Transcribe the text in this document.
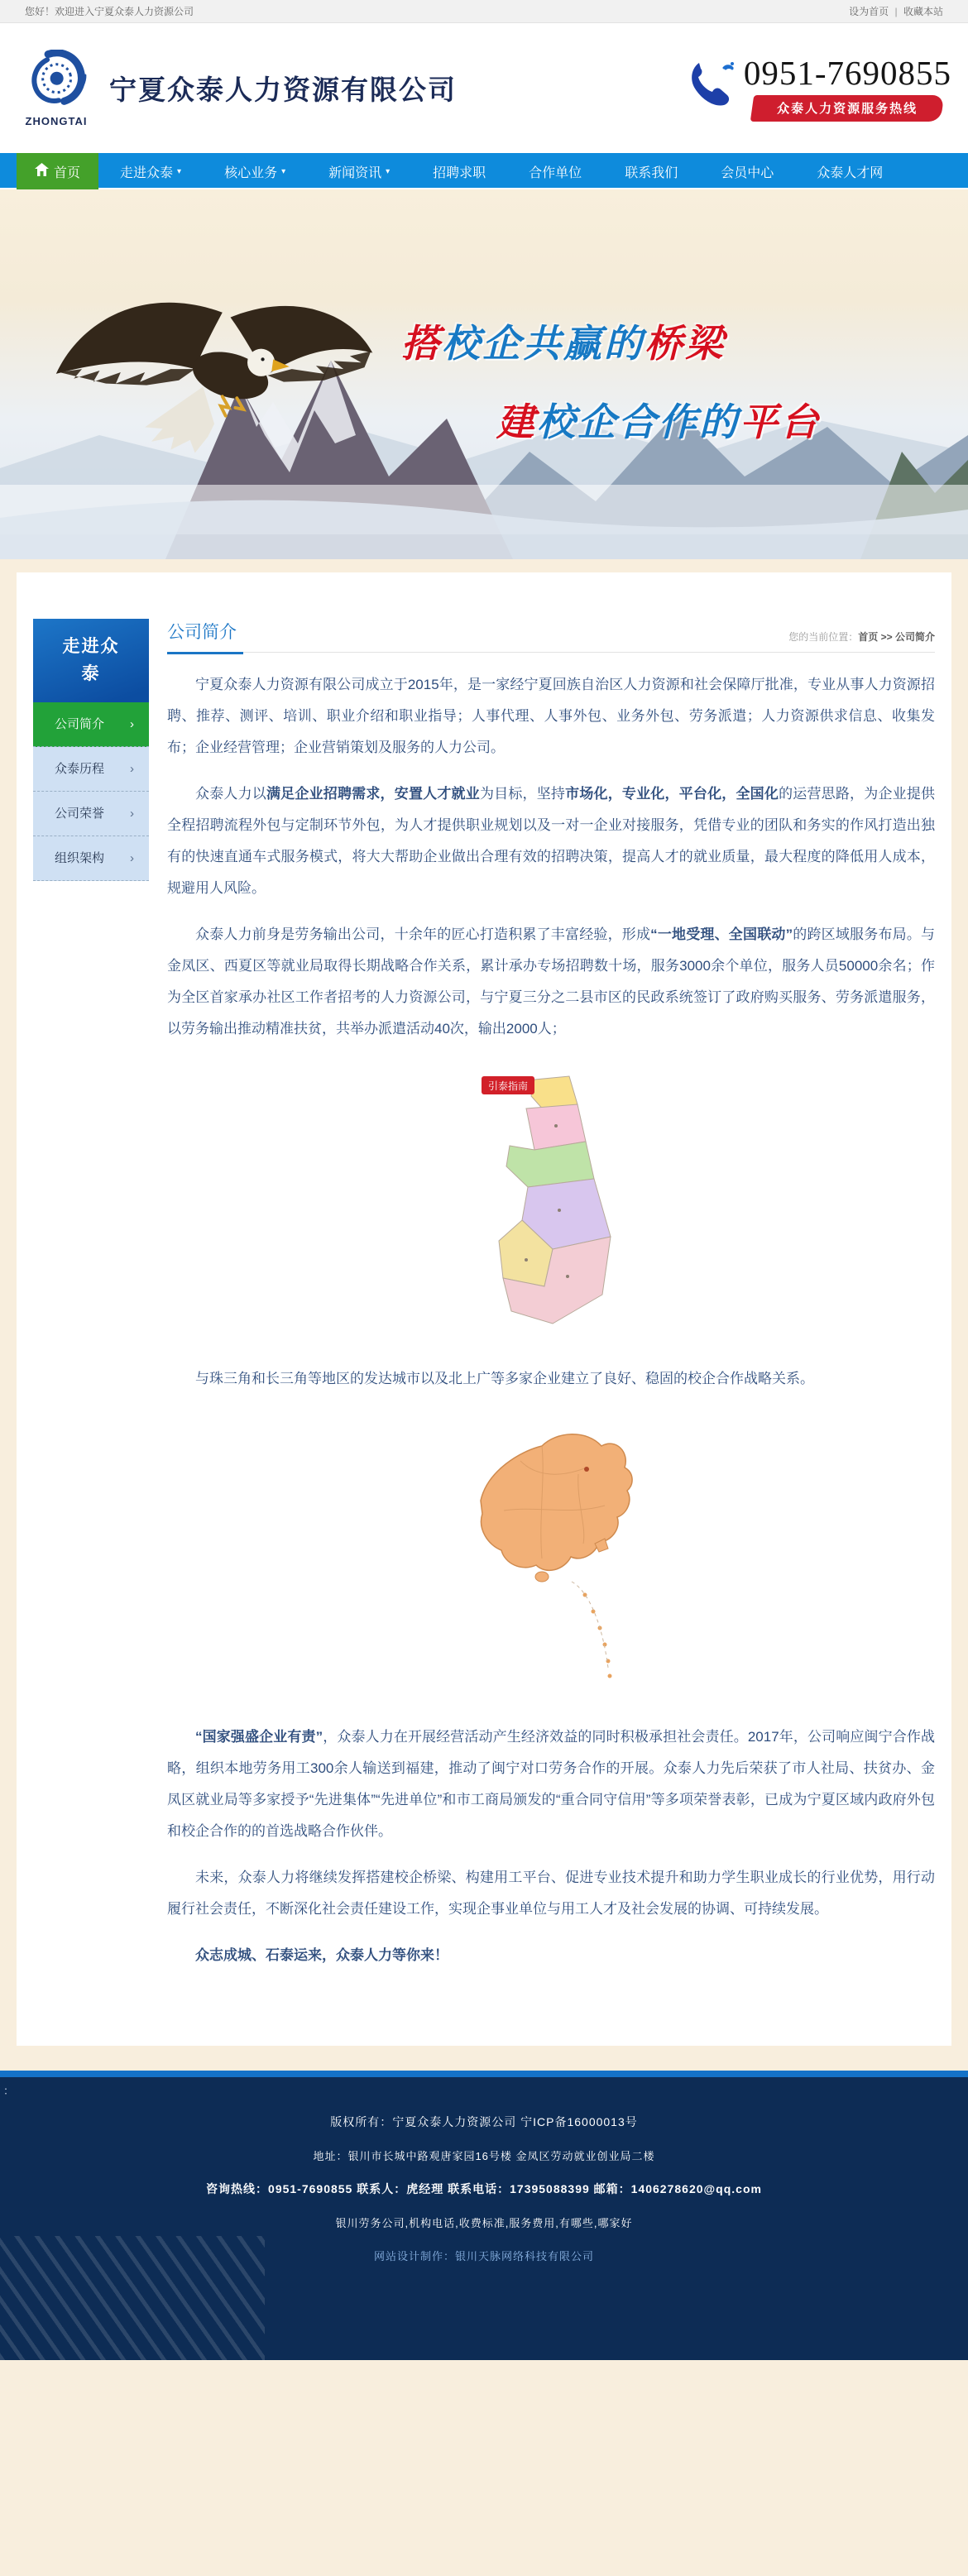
您好！欢迎进入宁夏众泰人力资源公司	设为首页 | 收藏本站
ZHONGTAI
宁夏众泰人力资源有限公司	0951-7690855
众泰人力资源服务热线
首页	走进众泰 ▾	核心业务 ▾	新闻资讯 ▾	招聘求职	合作单位	联系我们	会员中心	众泰人才网
搭校企共赢的桥梁
建校企合作的平台
走进众泰
公司简介 ›
众泰历程 ›
公司荣誉 ›
组织架构 ›
公司简介	您的当前位置：首页 >> 公司简介

宁夏众泰人力资源有限公司成立于2015年，是一家经宁夏回族自治区人力资源和社会保障厅批准，专业从事人力资源招聘、推荐、测评、培训、职业介绍和职业指导；人事代理、人事外包、业务外包、劳务派遣；人力资源供求信息、收集发布；企业经营管理；企业营销策划及服务的人力公司。

众泰人力以满足企业招聘需求，安置人才就业为目标，坚持市场化，专业化，平台化，全国化的运营思路，为企业提供全程招聘流程外包与定制环节外包，为人才提供职业规划以及一对一企业对接服务，凭借专业的团队和务实的作风打造出独有的快速直通车式服务模式，将大大帮助企业做出合理有效的招聘决策，提高人才的就业质量，最大程度的降低用人成本，规避用人风险。

众泰人力前身是劳务输出公司，十余年的匠心打造积累了丰富经验，形成“一地受理、全国联动”的跨区域服务布局。与金凤区、西夏区等就业局取得长期战略合作关系，累计承办专场招聘数十场，服务3000余个单位，服务人员50000余名；作为全区首家承办社区工作者招考的人力资源公司，与宁夏三分之二县市区的民政系统签订了政府购买服务、劳务派遣服务，以劳务输出推动精准扶贫，共举办派遣活动40次，输出2000人；

引泰指南

与珠三角和长三角等地区的发达城市以及北上广等多家企业建立了良好、稳固的校企合作战略关系。

“国家强盛企业有责”，众泰人力在开展经营活动产生经济效益的同时积极承担社会责任。2017年，公司响应闽宁合作战略，组织本地劳务用工300余人输送到福建，推动了闽宁对口劳务合作的开展。众泰人力先后荣获了市人社局、扶贫办、金凤区就业局等多家授予“先进集体”“先进单位”和市工商局颁发的“重合同守信用”等多项荣誉表彰，已成为宁夏区域内政府外包和校企合作的的首选战略合作伙伴。

未来，众泰人力将继续发挥搭建校企桥梁、构建用工平台、促进专业技术提升和助力学生职业成长的行业优势，用行动履行社会责任，不断深化社会责任建设工作，实现企事业单位与用工人才及社会发展的协调、可持续发展。

众志成城、石泰运来，众泰人力等你来！

：
版权所有：宁夏众泰人力资源公司 宁ICP备16000013号
地址：银川市长城中路观唐家园16号楼 金凤区劳动就业创业局二楼
咨询热线：0951-7690855 联系人：虎经理 联系电话：17395088399 邮箱：1406278620@qq.com
银川劳务公司,机构电话,收费标准,服务费用,有哪些,哪家好
网站设计制作：银川天脉网络科技有限公司
